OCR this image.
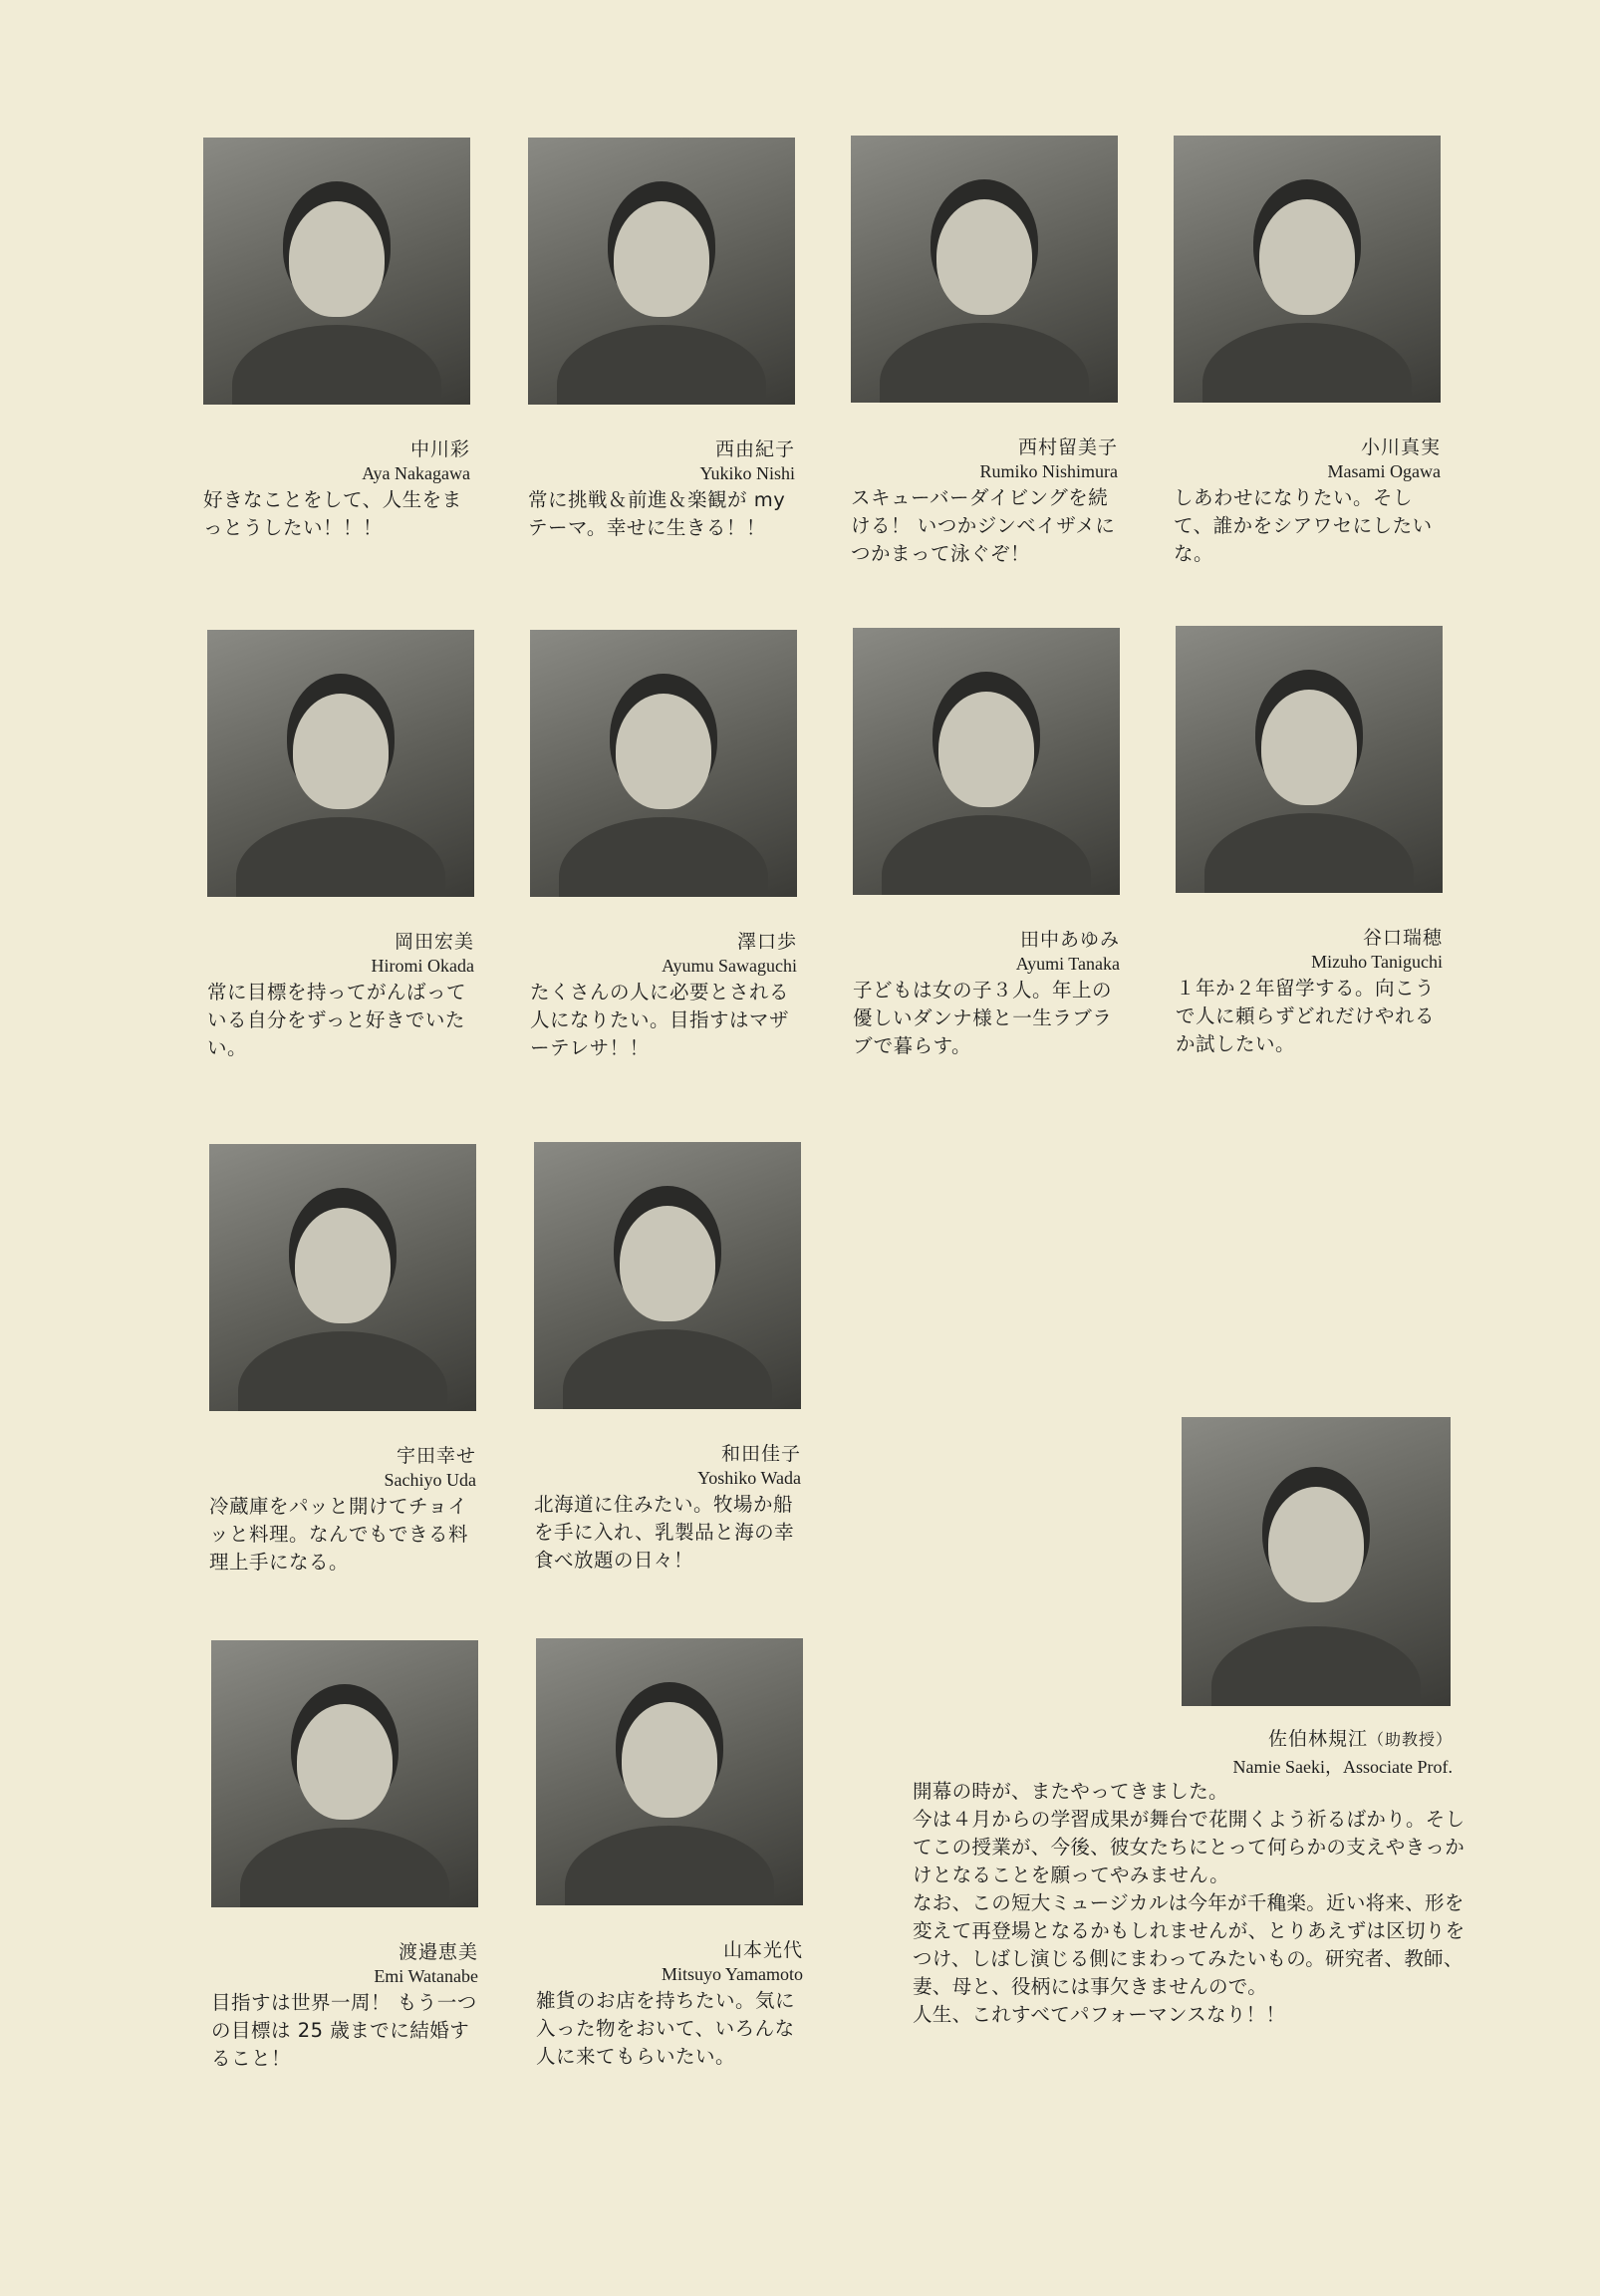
中川彩
Aya Nakagawa
好きなことをして、人生をまっとうしたい！！！
西由紀子
Yukiko Nishi
常に挑戦＆前進＆楽観が my テーマ。幸せに生きる！！
西村留美子
Rumiko Nishimura
スキューバーダイビングを続ける！ いつかジンベイザメにつかまって泳ぐぞ！
小川真実
Masami Ogawa
しあわせになりたい。そして、誰かをシアワセにしたいな。
岡田宏美
Hiromi Okada
常に目標を持ってがんばっている自分をずっと好きでいたい。
澤口歩
Ayumu Sawaguchi
たくさんの人に必要とされる人になりたい。目指すはマザーテレサ！！
田中あゆみ
Ayumi Tanaka
子どもは女の子３人。年上の優しいダンナ様と一生ラブラブで暮らす。
谷口瑞穂
Mizuho Taniguchi
１年か２年留学する。向こうで人に頼らずどれだけやれるか試したい。
宇田幸せ
Sachiyo Uda
冷蔵庫をパッと開けてチョイッと料理。なんでもできる料理上手になる。
和田佳子
Yoshiko Wada
北海道に住みたい。牧場か船を手に入れ、乳製品と海の幸食べ放題の日々！
渡邉恵美
Emi Watanabe
目指すは世界一周！ もう一つの目標は 25 歳までに結婚すること！
山本光代
Mitsuyo Yamamoto
雑貨のお店を持ちたい。気に入った物をおいて、いろんな人に来てもらいたい。
佐伯林規江（助教授）
Namie Saeki，Associate Prof.

開幕の時が、またやってきました。

今は４月からの学習成果が舞台で花開くよう祈るばかり。そしてこの授業が、今後、彼女たちにとって何らかの支えやきっかけとなることを願ってやみません。

なお、この短大ミュージカルは今年が千穐楽。近い将来、形を変えて再登場となるかもしれませんが、とりあえずは区切りをつけ、しばし演じる側にまわってみたいもの。研究者、教師、妻、母と、役柄には事欠きませんので。

人生、これすべてパフォーマンスなり！！
